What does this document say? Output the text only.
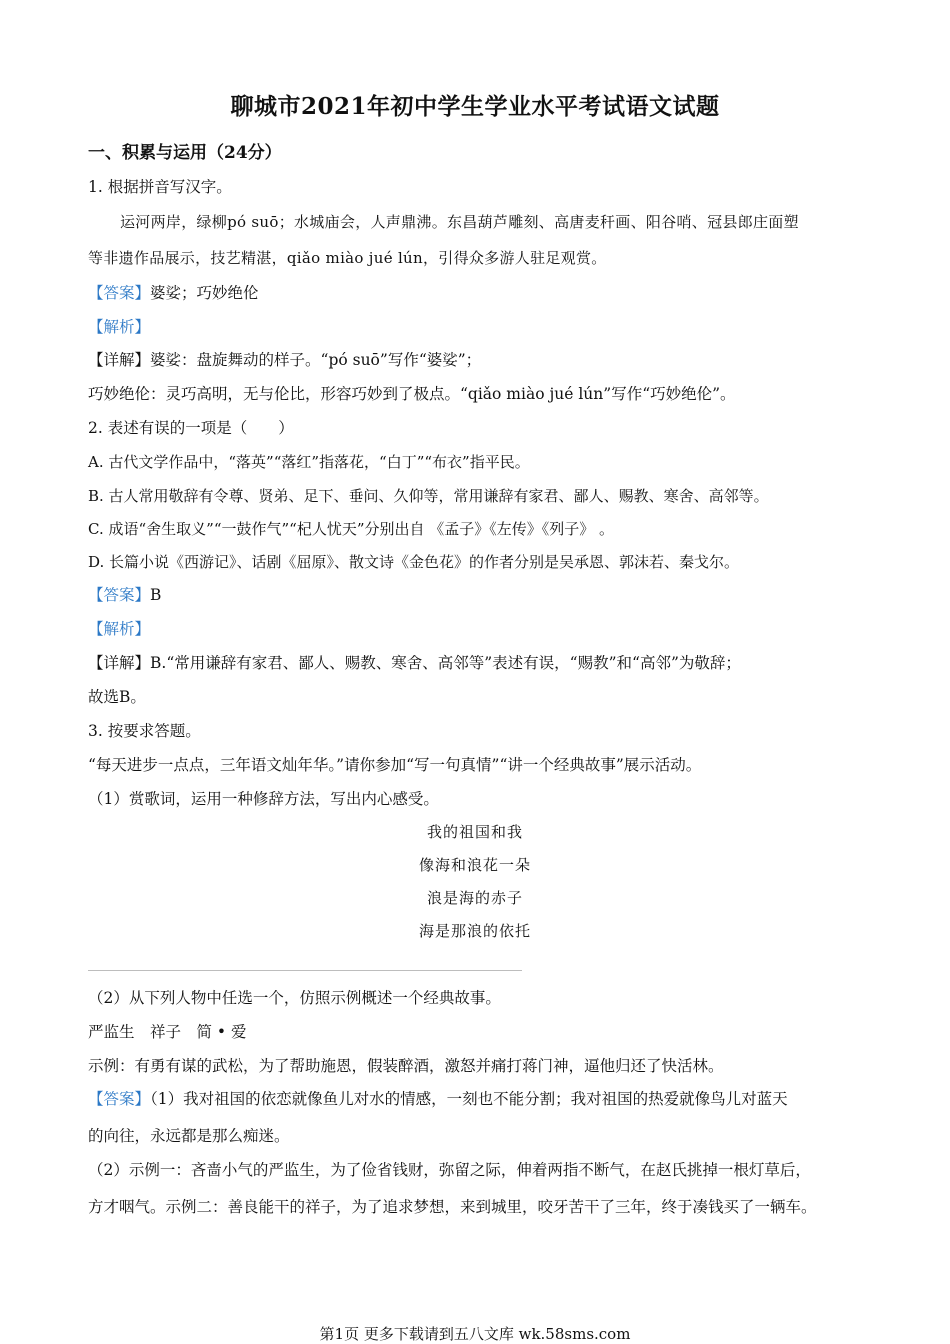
聊城市2021年初中学生学业水平考试语文试题
一、积累与运用（24分）
1. 根据拼音写汉字。
运河两岸，绿柳pó suō；水城庙会，人声鼎沸。东昌葫芦雕刻、高唐麦秆画、阳谷哨、冠县郎庄面塑
等非遗作品展示，技艺精湛，qiǎo miào jué lún，引得众多游人驻足观赏。
【答案】婆娑；巧妙绝伦
【解析】
【详解】婆娑：盘旋舞动的样子。“pó suō”写作“婆娑”；
巧妙绝伦：灵巧高明，无与伦比，形容巧妙到了极点。“qiǎo miào jué lún”写作“巧妙绝伦”。
2. 表述有误的一项是（　　）
A. 古代文学作品中，“落英”“落红”指落花，“白丁”“布衣”指平民。
B. 古人常用敬辞有令尊、贤弟、足下、垂问、久仰等，常用谦辞有家君、鄙人、赐教、寒舍、高邻等。
C. 成语“舍生取义”“一鼓作气”“杞人忧天”分别出自 《孟子》《左传》《列子》 。
D. 长篇小说《西游记》、话剧《屈原》、散文诗《金色花》的作者分别是吴承恩、郭沫若、秦戈尔。
【答案】B
【解析】
【详解】B.“常用谦辞有家君、鄙人、赐教、寒舍、高邻等”表述有误，“赐教”和“高邻”为敬辞；
故选B。
3. 按要求答题。
“每天进步一点点，三年语文灿年华。”请你参加“写一句真情”“讲一个经典故事”展示活动。
（1）赏歌词，运用一种修辞方法，写出内心感受。
我的祖国和我
像海和浪花一朵
浪是海的赤子
海是那浪的依托
（2）从下列人物中任选一个，仿照示例概述一个经典故事。
严监生　祥子　简 • 爱
示例：有勇有谋的武松，为了帮助施恩，假装醉酒，激怒并痛打蒋门神，逼他归还了快活林。
【答案】（1）我对祖国的依恋就像鱼儿对水的情感，一刻也不能分割；我对祖国的热爱就像鸟儿对蓝天
的向往，永远都是那么痴迷。
（2）示例一：吝啬小气的严监生，为了俭省钱财，弥留之际，伸着两指不断气，在赵氏挑掉一根灯草后，
方才咽气。示例二：善良能干的祥子，为了追求梦想，来到城里，咬牙苦干了三年，终于凑钱买了一辆车。
第1页 更多下载请到五八文库 wk.58sms.com
